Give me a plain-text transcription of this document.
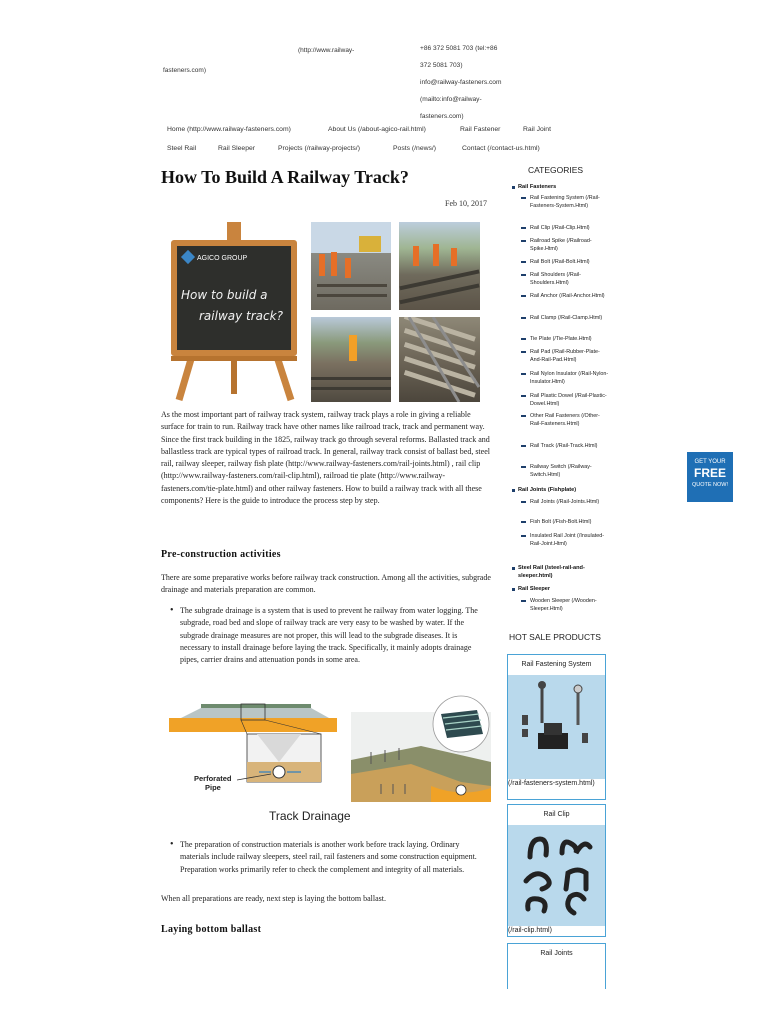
(http://www.railway-
fasteners.com)
+86 372 5081 703 (tel:+86
372 5081 703)
info@railway-fasteners.com
(mailto:info@railway-
fasteners.com)
Home (http://www.railway-fasteners.com)	About Us (/about-agico-rail.html)	Rail Fastener	Rail Joint
Steel Rail	Rail Sleeper	Projects (/railway-projects/)	Posts (/news/)	Contact (/contact-us.html)
How To Build A Railway Track?
Feb 10, 2017
AGICO GROUP
How to build a
railway track?

As the most important part of railway track system, railway track plays a role in giving a reliable surface for train to run. Railway track have other names like railroad track, track and permanent way. Since the first track building in the 1825, railway track go through several reforms. Ballasted track and ballastless track are typical types of railroad track. In general, railway track consist of ballast bed, steel rail, railway sleeper, railway fish plate (http://www.railway-fasteners.com/rail-joints.html) , rail clip (http://www.railway-fasteners.com/rail-clip.html), railroad tie plate (http://www.railway-fasteners.com/tie-plate.html) and other railway fasteners. How to build a railway track with all these components? Here is the guide to introduce the process step by step.

Pre-construction activities

There are some preparative works before railway track construction. Among all the activities, subgrade drainage and materials preparation are common.

• The subgrade drainage is a system that is used to prevent he railway from water logging. The subgrade, road bed and slope of railway track are very easy to be washed by water. If the subgrade drainage measures are not proper, this will lead to the subgrade diseases. It is necessary to install drainage before laying the track. Specifically, it mainly adopts drainage pipes, carrier drains and attenuation ponds in some area.

Perforated
Pipe
Track Drainage

• The preparation of construction materials is another work before track laying. Ordinary materials include railway sleepers, steel rail, rail fasteners and some construction equipment. Preparation works primarily refer to check the complement and integrity of all materials.

When all preparations are ready, next step is laying the bottom ballast.

Laying bottom ballast
CATEGORIES
Rail Fasteners
Rail Fastening System (/Rail-Fasteners-System.Html)
Rail Clip (/Rail-Clip.Html)
Railroad Spike (/Railroad-Spike.Html)
Rail Bolt (/Rail-Bolt.Html)
Rail Shoulders (/Rail-Shoulders.Html)
Rail Anchor (/Rail-Anchor.Html)
Rail Clamp (/Rail-Clamp.Html)
Tie Plate (/Tie-Plate.Html)
Rail Pad (/Rail-Rubber-Plate-And-Rail-Pad.Html)
Rail Nylon Insulator (/Rail-Nylon-Insulator.Html)
Rail Plastic Dowel (/Rail-Plastic-Dowel.Html)
Other Rail Fasteners (/Other-Rail-Fasteners.Html)
Rail Track (/Rail-Track.Html)
Railway Switch (/Railway-Switch.Html)
Rail Joints (Fishplate)
Rail Joints (/Rail-Joints.Html)
Fish Bolt (/Fish-Bolt.Html)
Insulated Rail Joint (/Insulated-Rail-Joint.Html)
Steel Rail (/steel-rail-and-sleeper.html)
Rail Sleeper
Wooden Sleeper (/Wooden-Sleeper.Html)
HOT SALE PRODUCTS
Rail Fastening System
(/rail-fasteners-system.html)
Rail Clip
(/rail-clip.html)
Rail Joints
GET YOUR
FREE
QUOTE NOW!
